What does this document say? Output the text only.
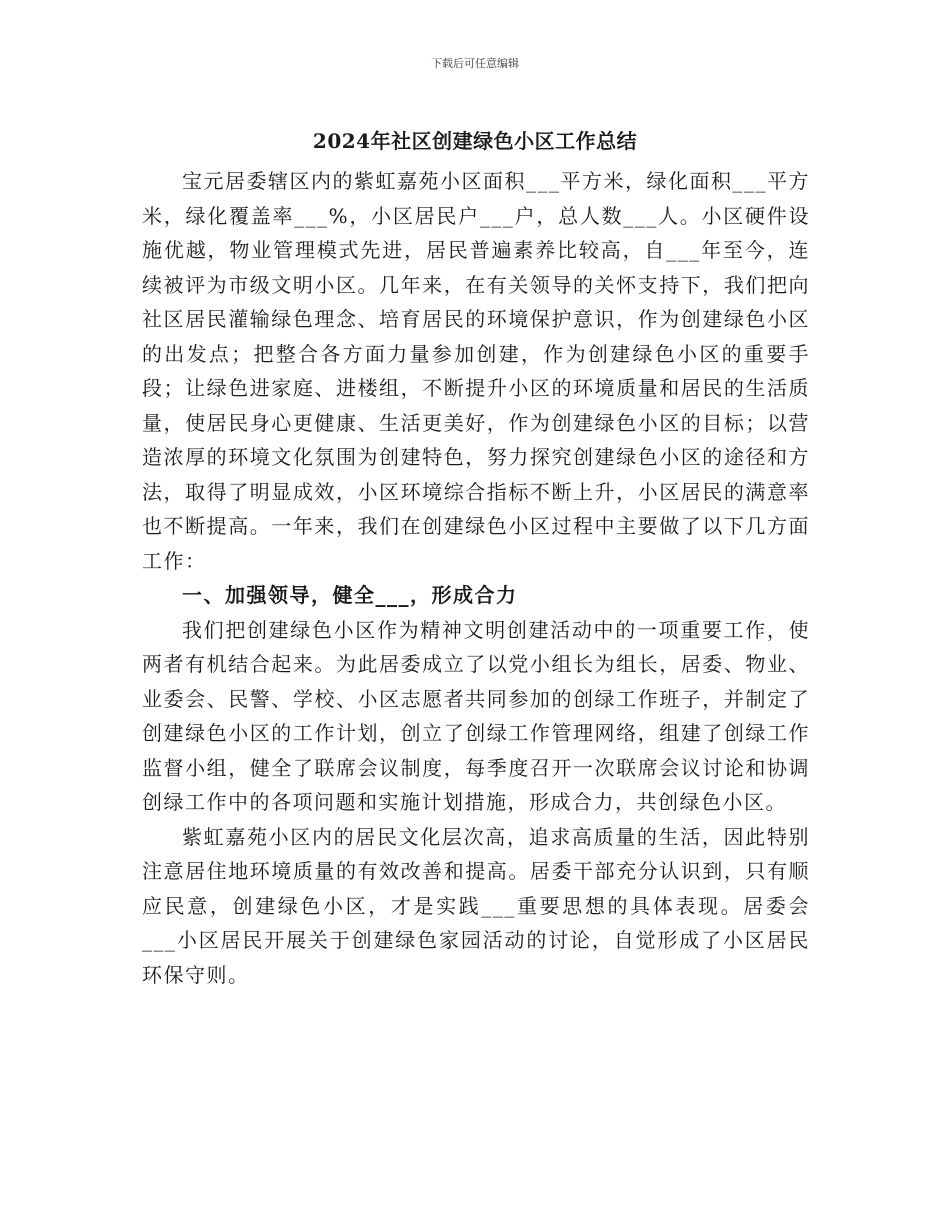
下载后可任意编辑
2024年社区创建绿色小区工作总结

宝元居委辖区内的紫虹嘉苑小区面积___平方米，绿化面积___平方米，绿化覆盖率___%，小区居民户___户，总人数___人。小区硬件设施优越，物业管理模式先进，居民普遍素养比较高，自___年至今，连续被评为市级文明小区。几年来，在有关领导的关怀支持下，我们把向社区居民灌输绿色理念、培育居民的环境保护意识，作为创建绿色小区的出发点；把整合各方面力量参加创建，作为创建绿色小区的重要手段；让绿色进家庭、进楼组，不断提升小区的环境质量和居民的生活质量，使居民身心更健康、生活更美好，作为创建绿色小区的目标；以营造浓厚的环境文化氛围为创建特色，努力探究创建绿色小区的途径和方法，取得了明显成效，小区环境综合指标不断上升，小区居民的满意率也不断提高。一年来，我们在创建绿色小区过程中主要做了以下几方面工作：

一、加强领导，健全___，形成合力

我们把创建绿色小区作为精神文明创建活动中的一项重要工作，使两者有机结合起来。为此居委成立了以党小组长为组长，居委、物业、业委会、民警、学校、小区志愿者共同参加的创绿工作班子，并制定了创建绿色小区的工作计划，创立了创绿工作管理网络，组建了创绿工作监督小组，健全了联席会议制度，每季度召开一次联席会议讨论和协调创绿工作中的各项问题和实施计划措施，形成合力，共创绿色小区。

紫虹嘉苑小区内的居民文化层次高，追求高质量的生活，因此特别注意居住地环境质量的有效改善和提高。居委干部充分认识到，只有顺应民意，创建绿色小区，才是实践___重要思想的具体表现。居委会___小区居民开展关于创建绿色家园活动的讨论，自觉形成了小区居民环保守则。
